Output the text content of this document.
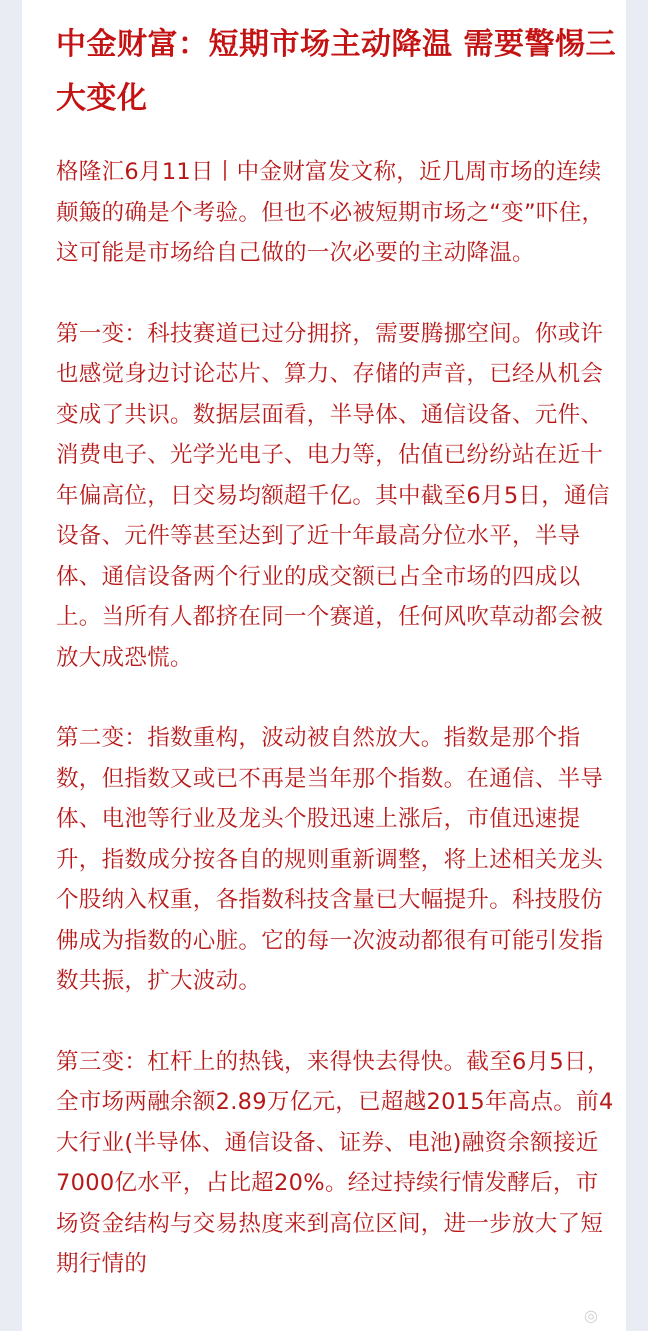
中金财富：短期市场主动降温 需要警惕三大变化

格隆汇6月11日丨中金财富发文称，近几周市场的连续颠簸的确是个考验。但也不必被短期市场之“变”吓住，这可能是市场给自己做的一次必要的主动降温。

第一变：科技赛道已过分拥挤，需要腾挪空间。你或许也感觉身边讨论芯片、算力、存储的声音，已经从机会变成了共识。数据层面看，半导体、通信设备、元件、消费电子、光学光电子、电力等，估值已纷纷站在近十年偏高位，日交易均额超千亿。其中截至6月5日，通信设备、元件等甚至达到了近十年最高分位水平，半导体、通信设备两个行业的成交额已占全市场的四成以上。当所有人都挤在同一个赛道，任何风吹草动都会被放大成恐慌。

第二变：指数重构，波动被自然放大。指数是那个指数，但指数又或已不再是当年那个指数。在通信、半导体、电池等行业及龙头个股迅速上涨后，市值迅速提升，指数成分按各自的规则重新调整，将上述相关龙头个股纳入权重，各指数科技含量已大幅提升。科技股仿佛成为指数的心脏。它的每一次波动都很有可能引发指数共振，扩大波动。

第三变：杠杆上的热钱，来得快去得快。截至6月5日，全市场两融余额2.89万亿元，已超越2015年高点。前4大行业(半导体、通信设备、证券、电池)融资余额接近7000亿水平，占比超20%。经过持续行情发酵后，市场资金结构与交易热度来到高位区间，进一步放大了短期行情的

◎
